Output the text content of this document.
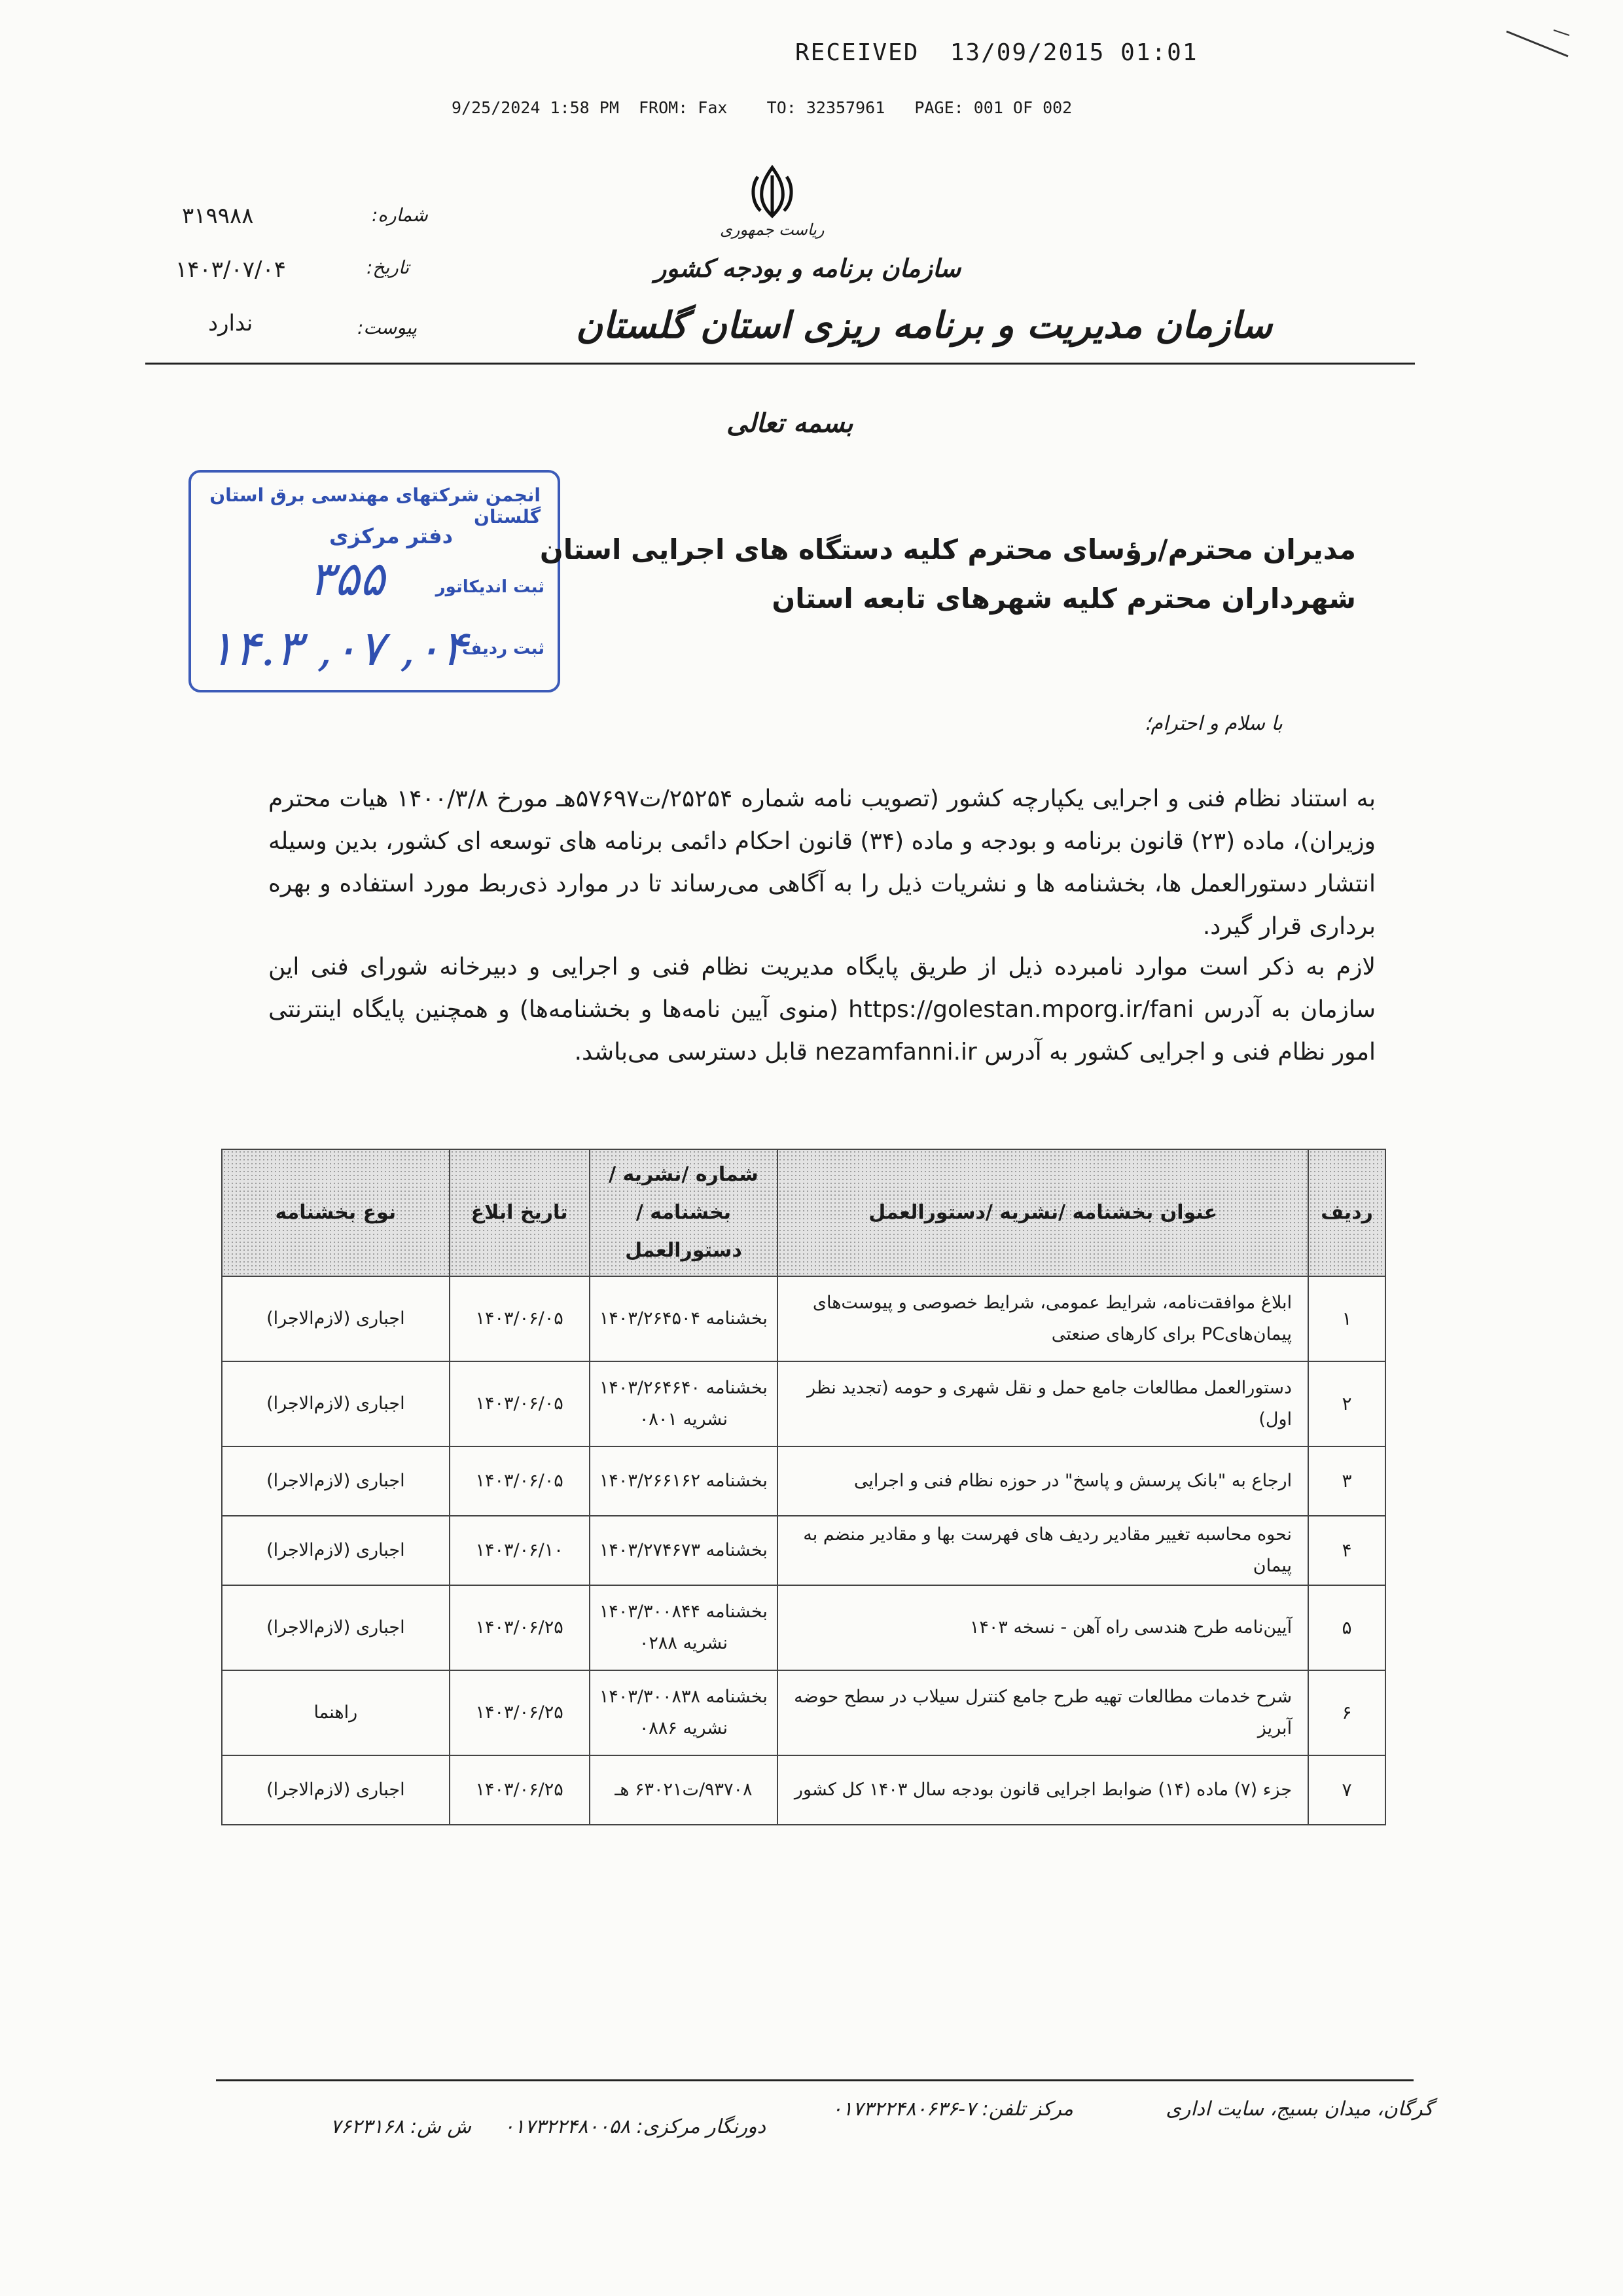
RECEIVED  13/09/2015 01:01
9/25/2024 1:58 PM  FROM: Fax    TO: 32357961   PAGE: 001 OF 002
شماره:
۳۱۹۹۸۸
تاریخ:
۱۴۰۳/۰۷/۰۴
پیوست:
ندارد
ریاست جمهوری
سازمان برنامه و بودجه کشور
سازمان مدیریت و برنامه ریزی استان گلستان
بسمه تعالی
انجمن شرکتهای مهندسی برق استان گلستان
دفتر مرکزی
ثبت اندیکاتور
۳۵۵
ثبت ردیف
۱۴.۳ ,۰۷ ,۰۴
مدیران محترم/رؤسای محترم کلیه دستگاه های اجرایی استان
شهرداران محترم کلیه شهرهای تابعه استان
با سلام و احترام؛
به استناد نظام فنی و اجرایی یکپارچه کشور (تصویب نامه شماره ۲۵۲۵۴/ت۵۷۶۹۷هـ مورخ ۱۴۰۰/۳/۸ هیات محترم وزیران)، ماده (۲۳) قانون برنامه و بودجه و ماده (۳۴) قانون احکام دائمی برنامه های توسعه ای کشور، بدین وسیله انتشار دستورالعمل ها، بخشنامه ها و نشریات ذیل را به آگاهی می‌رساند تا در موارد ذی‌ربط مورد استفاده و بهره برداری قرار گیرد.
لازم به ذکر است موارد نامبرده ذیل از طریق پایگاه مدیریت نظام فنی و اجرایی و دبیرخانه شورای فنی این سازمان به آدرس https://golestan.mporg.ir/fani (منوی آیین نامه‌ها و بخشنامه‌ها) و همچنین پایگاه اینترنتی امور نظام فنی و اجرایی کشور به آدرس nezamfanni.ir قابل دسترسی می‌باشد.
ردیف	عنوان بخشنامه /نشریه /دستورالعمل	شماره /نشریه /بخشنامه / دستورالعمل	تاریخ ابلاغ	نوع بخشنامه
۱	ابلاغ موافقت‌نامه، شرایط عمومی، شرایط خصوصی و پیوست‌های پیمان‌هایPC برای کارهای صنعتی	بخشنامه ۱۴۰۳/۲۶۴۵۰۴	۱۴۰۳/۰۶/۰۵	اجباری (لازم‌الاجرا)
۲	دستورالعمل مطالعات جامع حمل و نقل شهری و حومه (تجدید نظر اول)	بخشنامه ۱۴۰۳/۲۶۴۶۴۰ نشریه ۰۸۰۱	۱۴۰۳/۰۶/۰۵	اجباری (لازم‌الاجرا)
۳	ارجاع به "بانک پرسش و پاسخ" در حوزه نظام فنی و اجرایی	بخشنامه ۱۴۰۳/۲۶۶۱۶۲	۱۴۰۳/۰۶/۰۵	اجباری (لازم‌الاجرا)
۴	نحوه محاسبه تغییر مقادیر ردیف های فهرست بها و مقادیر منضم به پیمان	بخشنامه ۱۴۰۳/۲۷۴۶۷۳	۱۴۰۳/۰۶/۱۰	اجباری (لازم‌الاجرا)
۵	آیین‌نامه طرح هندسی راه آهن - نسخه ۱۴۰۳	بخشنامه ۱۴۰۳/۳۰۰۸۴۴ نشریه ۰۲۸۸	۱۴۰۳/۰۶/۲۵	اجباری (لازم‌الاجرا)
۶	شرح خدمات مطالعات تهیه طرح جامع کنترل سیلاب در سطح حوضه آبریز	بخشنامه ۱۴۰۳/۳۰۰۸۳۸ نشریه ۰۸۸۶	۱۴۰۳/۰۶/۲۵	راهنما
۷	جزء (۷) ماده (۱۴) ضوابط اجرایی قانون بودجه سال ۱۴۰۳ کل کشور	۹۳۷۰۸/ت۶۳۰۲۱ هـ	۱۴۰۳/۰۶/۲۵	اجباری (لازم‌الاجرا)
گرگان، میدان بسیج، سایت اداری
مرکز تلفن: ۷-۰۱۷۳۲۲۴۸۰۶۳۶
دورنگار مرکزی: ۰۱۷۳۲۲۴۸۰۰۵۸
ش ش: ۷۶۲۳۱۶۸
